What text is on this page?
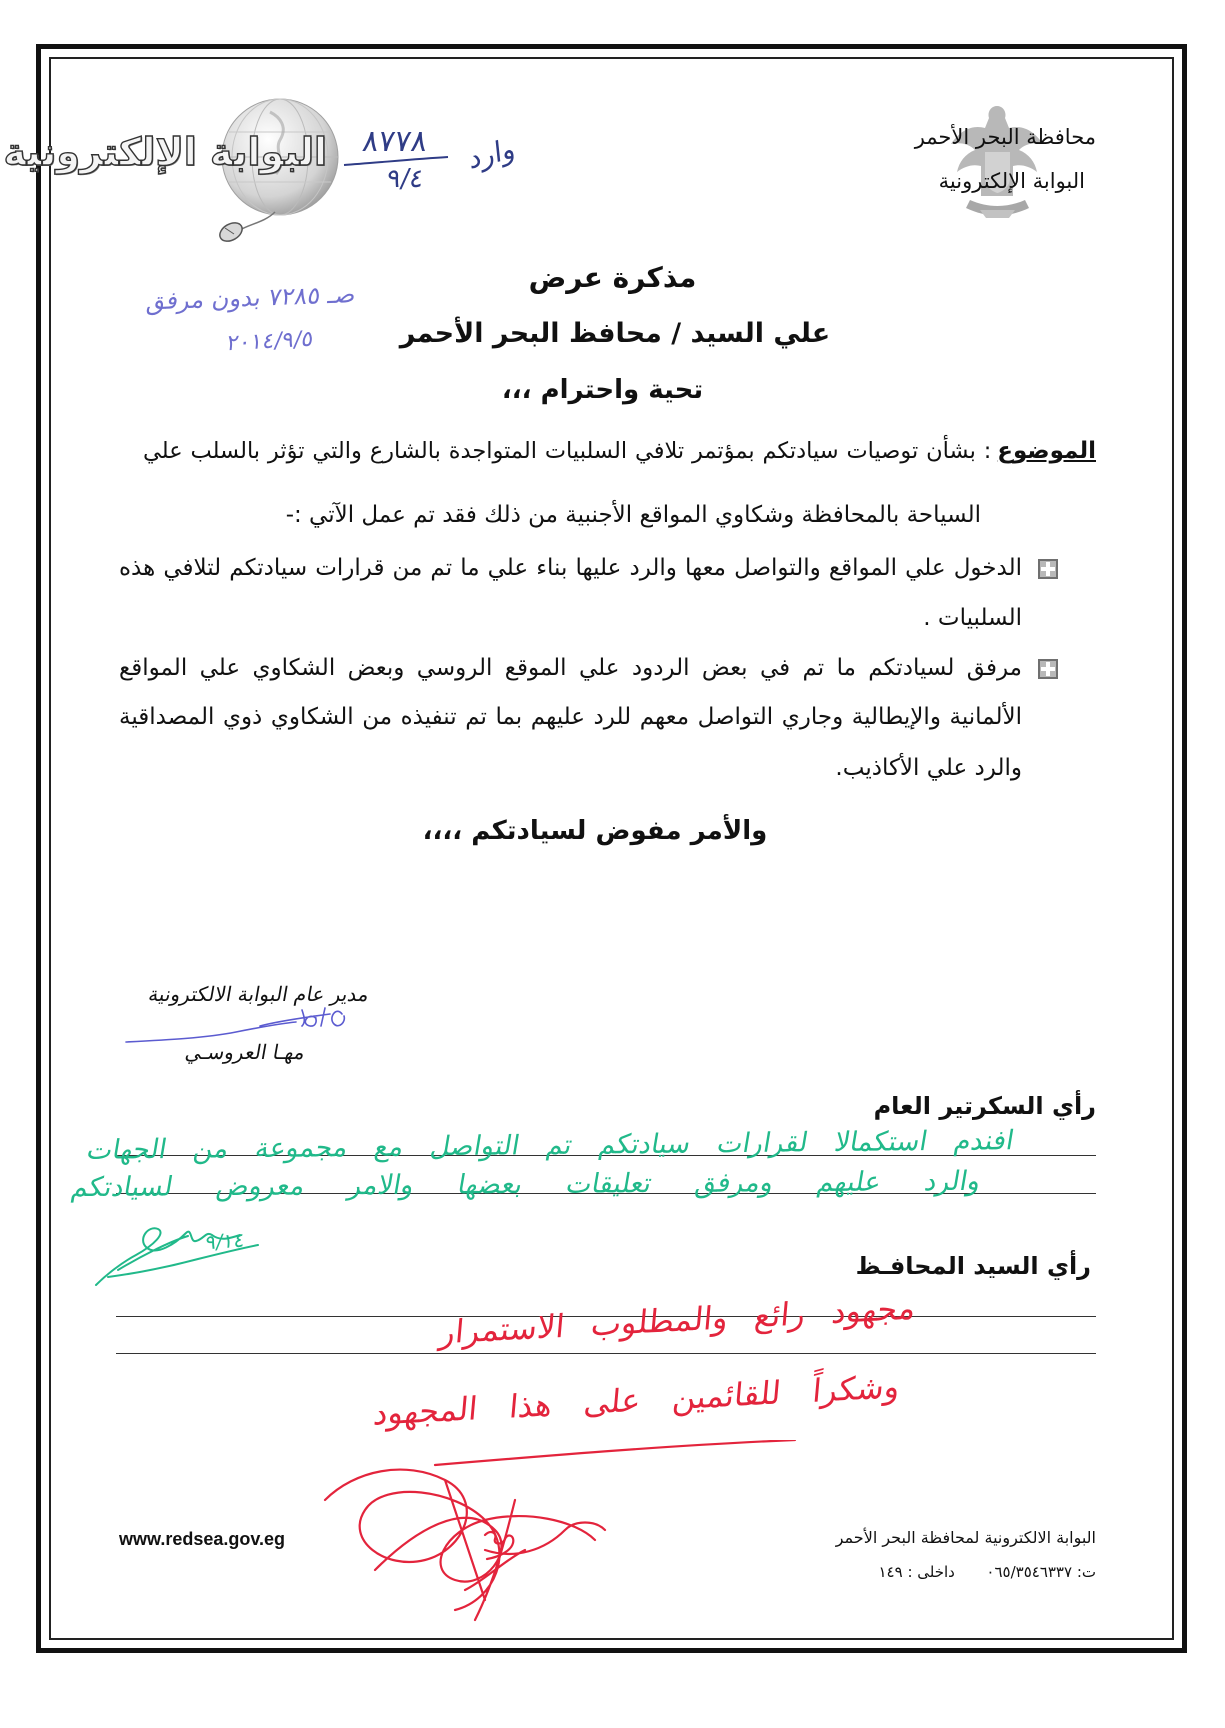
محافظة البحر الأحمر
البوابة الإلكترونية
البوابة الإلكترونية	وارد
٨٧٧٨
٩/٤
صـ ٧٢٨٥ بدون مرفق
٢٠١٤/٩/٥
مذكرة عرض
علي السيد / محافظ البحر الأحمر
تحية واحترام ،،،
الموضوع
: بشأن توصيات سيادتكم بمؤتمر تلافي السلبيات المتواجدة بالشارع والتي تؤثر بالسلب علي
السياحة بالمحافظة وشكاوي المواقع الأجنبية من ذلك فقد تم عمل الآتي :-
الدخول علي المواقع والتواصل معها والرد عليها بناء علي ما تم من قرارات سيادتكم لتلافي هذه
السلبيات .
مرفق لسيادتكم ما تم في بعض الردود علي الموقع الروسي وبعض الشكاوي علي المواقع
الألمانية والإيطالية وجاري التواصل معهم للرد عليهم بما تم تنفيذه من الشكاوي ذوي المصداقية
والرد علي الأكاذيب.
والأمر مفوض لسيادتكم ،،،،
مدير عام البوابة الالكترونية
مهـا العروسـي
رأي السكرتير العام
افندم استكمالا لقرارات سيادتكم تم التواصل مع مجموعة من الجهات
والرد عليهم ومرفق تعليقات بعضها والامر معروض لسيادتكم
٩/١٤
رأي السيد المحافـظ
مجهود رائع والمطلوب الاستمرار
وشكراً للقائمين على هذا المجهود
www.redsea.gov.eg	البوابة الالكترونية لمحافظة البحر الأحمر
ت: ٠٦٥/٣٥٤٦٣٣٧  داخلى : ١٤٩
